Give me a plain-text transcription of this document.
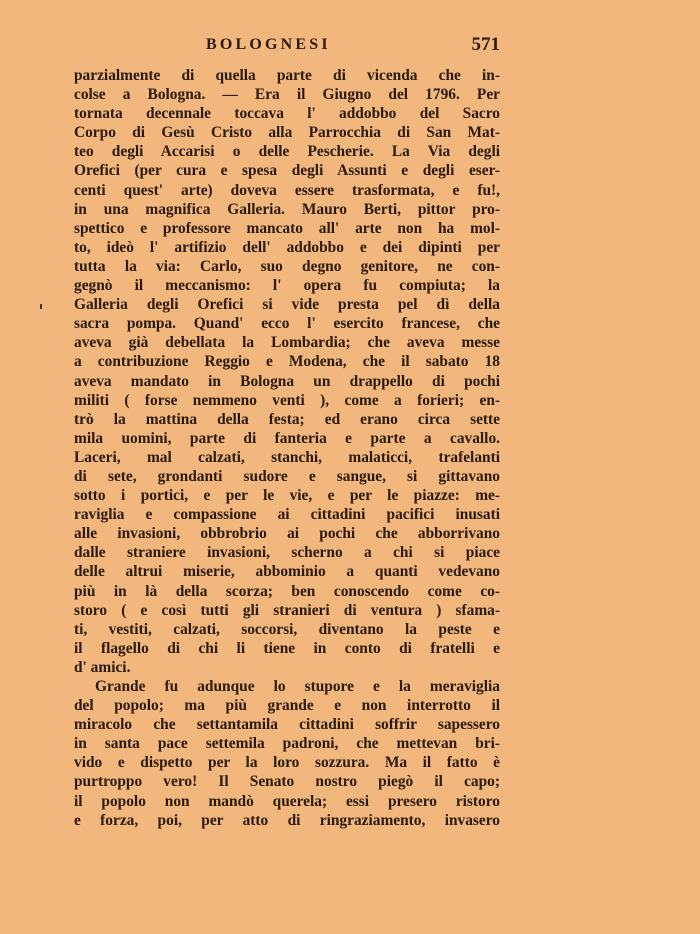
BOLOGNESI	571
parzialmente di quella parte di vicenda che in-
colse a Bologna. — Era il Giugno del 1796. Per
tornata decennale toccava l' addobbo del Sacro
Corpo di Gesù Cristo alla Parrocchia di San Mat-
teo degli Accarisi o delle Pescherie. La Via degli
Orefici (per cura e spesa degli Assunti e degli eser-
centi quest' arte) doveva essere trasformata, e fu!,
in una magnifica Galleria. Mauro Berti, pittor pro-
spettico e professore mancato all' arte non ha mol-
to, ideò l' artifizio dell' addobbo e dei dipinti per
tutta la via: Carlo, suo degno genitore, ne con-
gegnò il meccanismo: l' opera fu compiuta; la
Galleria degli Orefici si vide presta pel dì della
sacra pompa. Quand' ecco l' esercito francese, che
aveva già debellata la Lombardia; che aveva messe
a contribuzione Reggio e Modena, che il sabato 18
aveva mandato in Bologna un drappello di pochi
militi ( forse nemmeno venti ), come a forieri; en-
trò la mattina della festa; ed erano circa sette
mila uomini, parte di fanteria e parte a cavallo.
Laceri, mal calzati, stanchi, malaticci, trafelanti
di sete, grondanti sudore e sangue, si gittavano
sotto i portici, e per le vie, e per le piazze: me-
raviglia e compassione ai cittadini pacifici inusati
alle invasioni, obbrobrio ai pochi che abborrivano
dalle straniere invasioni, scherno a chi si piace
delle altrui miserie, abbominio a quanti vedevano
più in là della scorza; ben conoscendo come co-
storo ( e così tutti gli stranieri di ventura ) sfama-
ti, vestiti, calzati, soccorsi, diventano la peste e
il flagello di chi li tiene in conto di fratelli e
d' amici.
Grande fu adunque lo stupore e la meraviglia
del popolo; ma più grande e non interrotto il
miracolo che settantamila cittadini soffrir sapessero
in santa pace settemila padroni, che mettevan bri-
vido e dispetto per la loro sozzura. Ma il fatto è
purtroppo vero! Il Senato nostro piegò il capo;
il popolo non mandò querela; essi presero ristoro
e forza, poi, per atto di ringraziamento, invasero
